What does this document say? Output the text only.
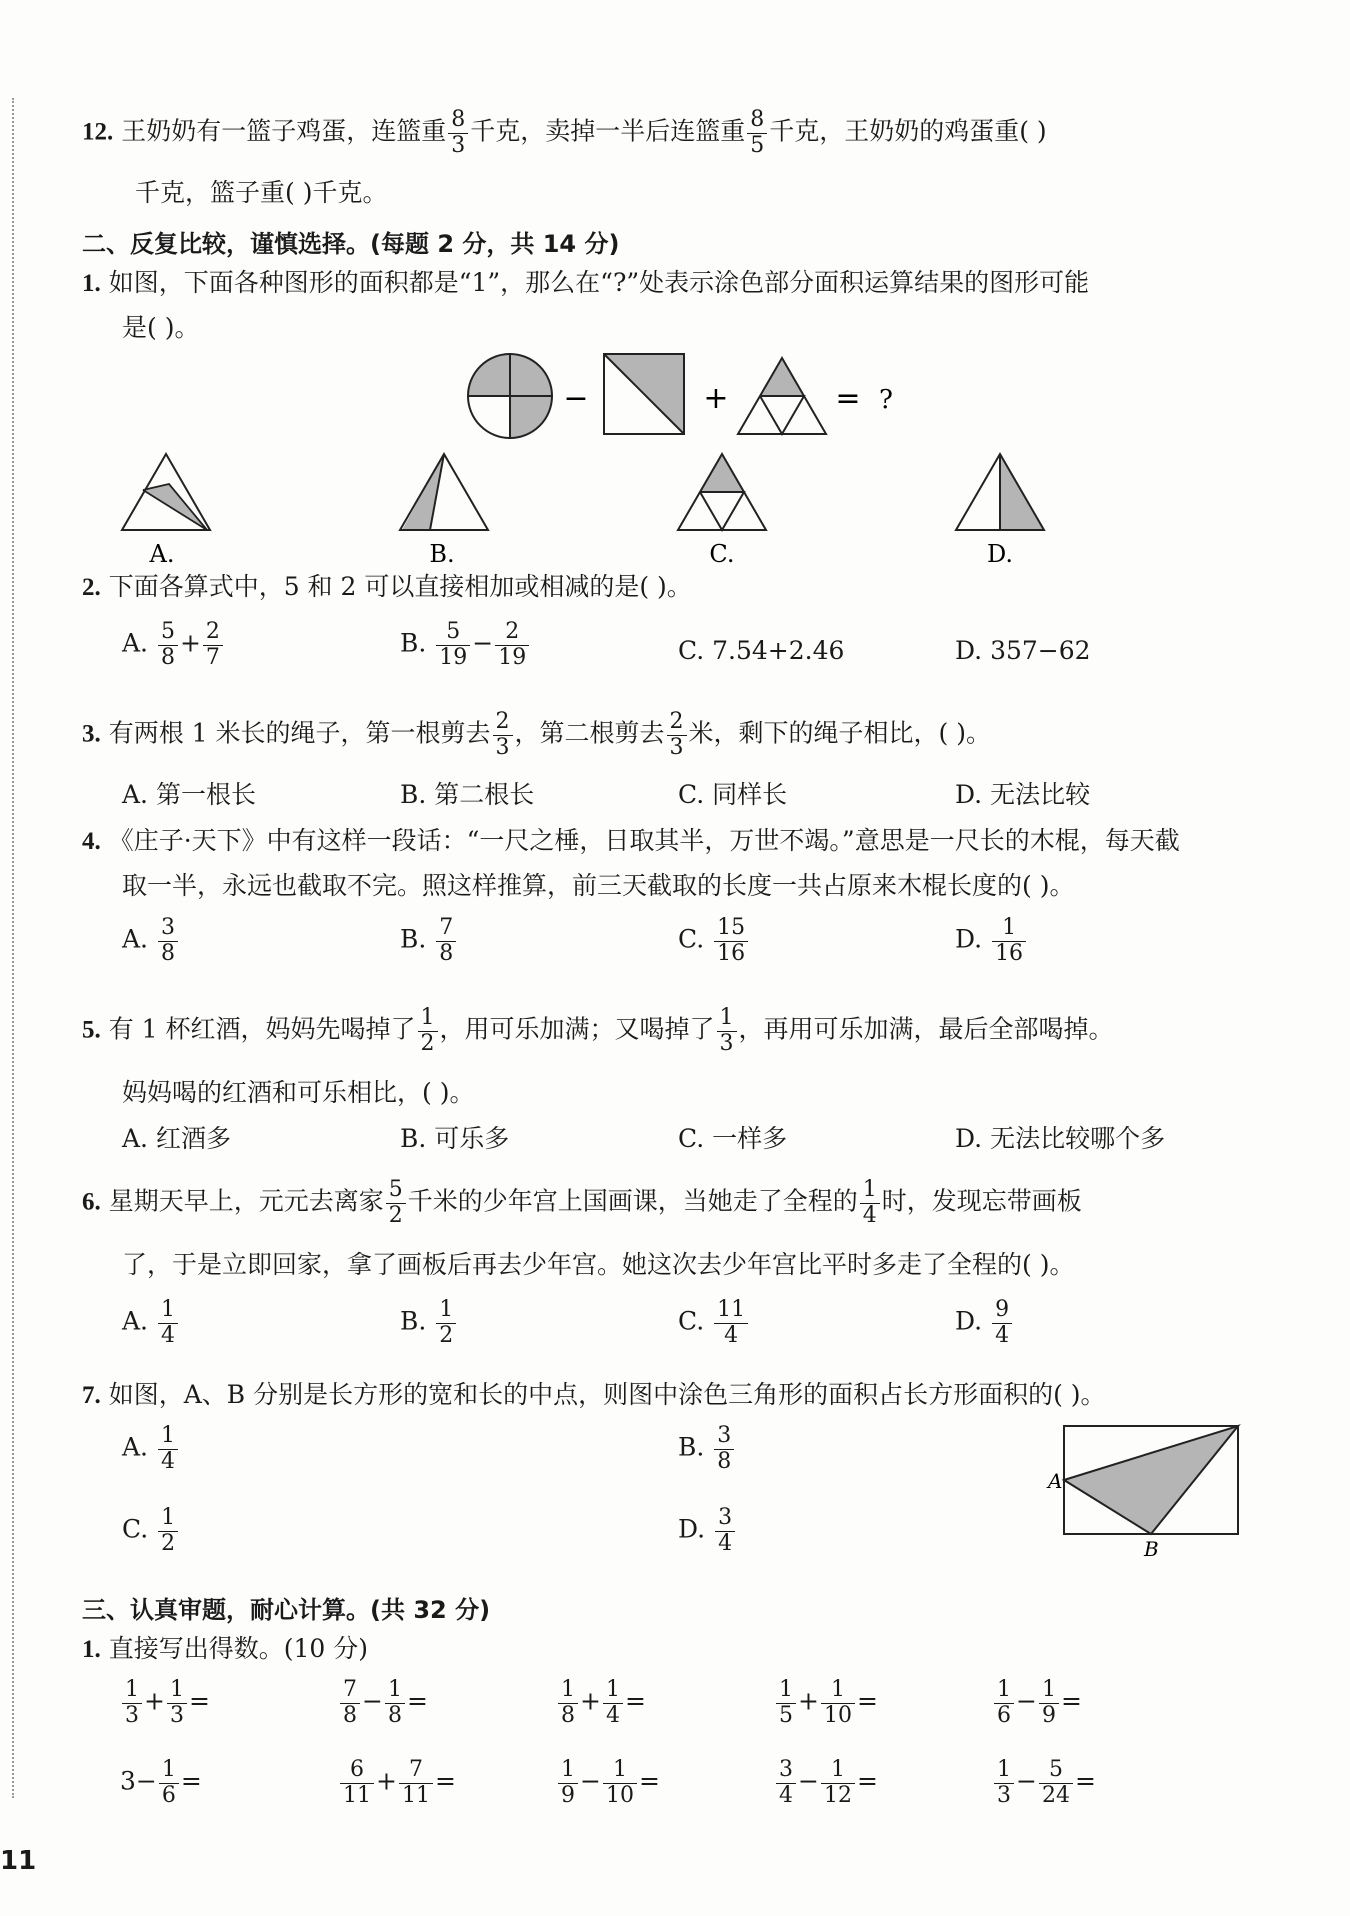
12. 王奶奶有一篮子鸡蛋，连篮重 $\frac{8}{3}$ 千克，卖掉一半后连篮重 $\frac{8}{5}$ 千克，王奶奶的鸡蛋重( )
千克，篮子重( )千克。
二、反复比较，谨慎选择。(每题 2 分，共 14 分)
1. 如图，下面各种图形的面积都是“1”，那么在“?”处表示涂色部分面积运算结果的图形可能
是( )。
−	+	= ?
A.	B.	C.	D.
2. 下面各算式中，5 和 2 可以直接相加或相减的是( )。
A. $\frac{5}{8} + \frac{2}{7}$	B. $\frac{5}{19} - \frac{2}{19}$	C. 7.54+2.46	D. 357−62
3. 有两根 1 米长的绳子，第一根剪去 $\frac{2}{3}$ ，第二根剪去 $\frac{2}{3}$ 米，剩下的绳子相比，( )。
A. 第一根长	B. 第二根长	C. 同样长	D. 无法比较
4. 《庄子·天下》中有这样一段话：“一尺之棰，日取其半，万世不竭。”意思是一尺长的木棍，每天截
取一半，永远也截取不完。照这样推算，前三天截取的长度一共占原来木棍长度的( )。
A. $\frac{3}{8}$	B. $\frac{7}{8}$	C. $\frac{15}{16}$	D. $\frac{1}{16}$
5. 有 1 杯红酒，妈妈先喝掉了 $\frac{1}{2}$ ，用可乐加满；又喝掉了 $\frac{1}{3}$ ，再用可乐加满，最后全部喝掉。
妈妈喝的红酒和可乐相比，( )。
A. 红酒多	B. 可乐多	C. 一样多	D. 无法比较哪个多
6. 星期天早上，元元去离家 $\frac{5}{2}$ 千米的少年宫上国画课，当她走了全程的 $\frac{1}{4}$ 时，发现忘带画板
了，于是立即回家，拿了画板后再去少年宫。她这次去少年宫比平时多走了全程的( )。
A. $\frac{1}{4}$	B. $\frac{1}{2}$	C. $\frac{11}{4}$	D. $\frac{9}{4}$
7. 如图，A、B 分别是长方形的宽和长的中点，则图中涂色三角形的面积占长方形面积的( )。
A. $\frac{1}{4}$	B. $\frac{3}{8}$
C. $\frac{1}{2}$	D. $\frac{3}{4}$
A
B
三、认真审题，耐心计算。(共 32 分)
1. 直接写出得数。(10 分)
$\frac{1}{3} + \frac{1}{3}$ =	$\frac{7}{8} - \frac{1}{8}$ =	$\frac{1}{8} + \frac{1}{4}$ =	$\frac{1}{5} + \frac{1}{10}$ =	$\frac{1}{6} - \frac{1}{9}$ =
$3- \frac{1}{6}$ =	$\frac{6}{11} + \frac{7}{11}$ =	$\frac{1}{9} - \frac{1}{10}$ =	$\frac{3}{4} - \frac{1}{12}$ =	$\frac{1}{3} - \frac{5}{24}$ =
11
